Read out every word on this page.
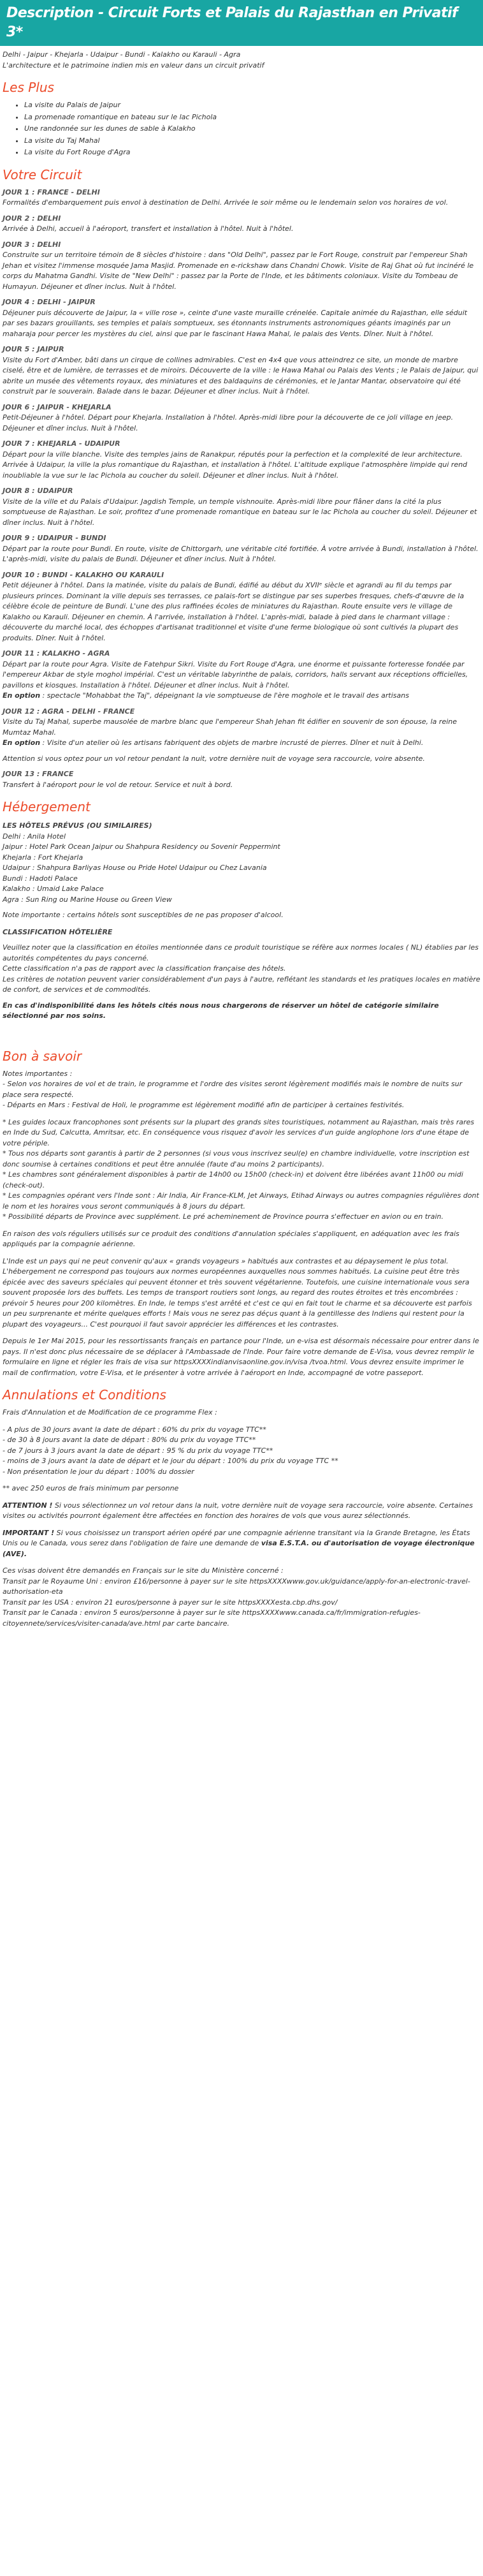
Description - Circuit Forts et Palais du Rajasthan en Privatif 3*
Delhi - Jaipur - Khejarla - Udaipur - Bundi - Kalakho ou Karauli - Agra
L'architecture et le patrimoine indien mis en valeur dans un circuit privatif
Les Plus
• La visite du Palais de Jaipur
• La promenade romantique en bateau sur le lac Pichola
• Une randonnée sur les dunes de sable à Kalakho
• La visite du Taj Mahal
• La visite du Fort Rouge d'Agra
Votre Circuit
JOUR 1 : FRANCE - DELHI
Formalités d'embarquement puis envol à destination de Delhi. Arrivée le soir même ou le lendemain selon vos horaires de vol.
JOUR 2 : DELHI
Arrivée à Delhi, accueil à l'aéroport, transfert et installation à l'hôtel. Nuit à l'hôtel.
JOUR 3 : DELHI
Construite sur un territoire témoin de 8 siècles d'histoire : dans "Old Delhi", passez par le Fort Rouge, construit par l'empereur Shah Jehan et visitez l'immense mosquée Jama Masjid. Promenade en e-rickshaw dans Chandni Chowk. Visite de Raj Ghat où fut incinéré le corps du Mahatma Gandhi. Visite de "New Delhi" : passez par la Porte de l'Inde, et les bâtiments coloniaux. Visite du Tombeau de Humayun. Déjeuner et dîner inclus. Nuit à l'hôtel.
JOUR 4 : DELHI - JAIPUR
Déjeuner puis découverte de Jaipur, la « ville rose », ceinte d'une vaste muraille crénelée. Capitale animée du Rajasthan, elle séduit par ses bazars grouillants, ses temples et palais somptueux, ses étonnants instruments astronomiques géants imaginés par un maharaja pour percer les mystères du ciel, ainsi que par le fascinant Hawa Mahal, le palais des Vents. Dîner. Nuit à l'hôtel.
JOUR 5 : JAIPUR
Visite du Fort d'Amber, bâti dans un cirque de collines admirables. C'est en 4x4 que vous atteindrez ce site, un monde de marbre ciselé, être et de lumière, de terrasses et de miroirs. Découverte de la ville : le Hawa Mahal ou Palais des Vents ; le Palais de Jaipur, qui abrite un musée des vêtements royaux, des miniatures et des baldaquins de cérémonies, et le Jantar Mantar, observatoire qui été construit par le souverain. Balade dans le bazar. Déjeuner et dîner inclus. Nuit à l'hôtel.
JOUR 6 : JAIPUR - KHEJARLA
Petit-Déjeuner à l'hôtel. Départ pour Khejarla. Installation à l'hôtel. Après-midi libre pour la découverte de ce joli village en jeep. Déjeuner et dîner inclus. Nuit à l'hôtel.
JOUR 7 : KHEJARLA - UDAIPUR
Départ pour la ville blanche. Visite des temples jains de Ranakpur, réputés pour la perfection et la complexité de leur architecture. Arrivée à Udaipur, la ville la plus romantique du Rajasthan, et installation à l'hôtel. L'altitude explique l'atmosphère limpide qui rend inoubliable la vue sur le lac Pichola au coucher du soleil. Déjeuner et dîner inclus. Nuit à l'hôtel.
JOUR 8 : UDAIPUR
Visite de la ville et du Palais d'Udaipur. Jagdish Temple, un temple vishnouite. Après-midi libre pour flâner dans la cité la plus somptueuse de Rajasthan. Le soir, profitez d'une promenade romantique en bateau sur le lac Pichola au coucher du soleil. Déjeuner et dîner inclus. Nuit à l'hôtel.
JOUR 9 : UDAIPUR - BUNDI
Départ par la route pour Bundi. En route, visite de Chittorgarh, une véritable cité fortifiée. À votre arrivée à Bundi, installation à l'hôtel. L'après-midi, visite du palais de Bundi. Déjeuner et dîner inclus. Nuit à l'hôtel.
JOUR 10 : BUNDI - KALAKHO OU KARAULI
Petit déjeuner à l'hôtel. Dans la matinée, visite du palais de Bundi, édifié au début du XVIIᵉ siècle et agrandi au fil du temps par plusieurs princes. Dominant la ville depuis ses terrasses, ce palais-fort se distingue par ses superbes fresques, chefs-d'œuvre de la célèbre école de peinture de Bundi. L'une des plus raffinées écoles de miniatures du Rajasthan. Route ensuite vers le village de Kalakho ou Karauli. Déjeuner en chemin. À l'arrivée, installation à l'hôtel. L'après-midi, balade à pied dans le charmant village : découverte du marché local, des échoppes d'artisanat traditionnel et visite d'une ferme biologique où sont cultivés la plupart des produits. Dîner. Nuit à l'hôtel.
JOUR 11 : KALAKHO - AGRA
Départ par la route pour Agra. Visite de Fatehpur Sikri. Visite du Fort Rouge d'Agra, une énorme et puissante forteresse fondée par l'empereur Akbar de style moghol impérial. C'est un véritable labyrinthe de palais, corridors, halls servant aux réceptions officielles, pavillons et kiosques. Installation à l'hôtel. Déjeuner et dîner inclus. Nuit à l'hôtel.
En option : spectacle "Mohabbat the Taj", dépeignant la vie somptueuse de l'ère moghole et le travail des artisans
JOUR 12 : AGRA - DELHI - FRANCE
Visite du Taj Mahal, superbe mausolée de marbre blanc que l'empereur Shah Jehan fit édifier en souvenir de son épouse, la reine Mumtaz Mahal.
En option : Visite d'un atelier où les artisans fabriquent des objets de marbre incrusté de pierres. Dîner et nuit à Delhi.
Attention si vous optez pour un vol retour pendant la nuit, votre dernière nuit de voyage sera raccourcie, voire absente.
JOUR 13 : FRANCE
Transfert à l'aéroport pour le vol de retour. Service et nuit à bord.
Hébergement
LES HÔTELS PRÉVUS (OU SIMILAIRES)
Delhi : Anila Hotel
Jaipur : Hotel Park Ocean Jaipur ou Shahpura Residency ou Sovenir Peppermint
Khejarla : Fort Khejarla
Udaipur : Shahpura Barliyas House ou Pride Hotel Udaipur ou Chez Lavania
Bundi : Hadoti Palace
Kalakho : Umaid Lake Palace
Agra : Sun Ring ou Marine House ou Green View
Note importante : certains hôtels sont susceptibles de ne pas proposer d'alcool.
CLASSIFICATION HÔTELIÈRE
Veuillez noter que la classification en étoiles mentionnée dans ce produit touristique se réfère aux normes locales ( NL) établies par les autorités compétentes du pays concerné.
Cette classification n'a pas de rapport avec la classification française des hôtels.
Les critères de notation peuvent varier considérablement d'un pays à l'autre, reflétant les standards et les pratiques locales en matière de confort, de services et de commodités.
En cas d'indisponibilité dans les hôtels cités nous nous chargerons de réserver un hôtel de catégorie similaire sélectionné par nos soins.
Bon à savoir
Notes importantes :
- Selon vos horaires de vol et de train, le programme et l'ordre des visites seront légèrement modifiés mais le nombre de nuits sur place sera respecté.
- Départs en Mars : Festival de Holi, le programme est légèrement modifié afin de participer à certaines festivités.
* Les guides locaux francophones sont présents sur la plupart des grands sites touristiques, notamment au Rajasthan, mais très rares en Inde du Sud, Calcutta, Amritsar, etc. En conséquence vous risquez d'avoir les services d'un guide anglophone lors d'une étape de votre périple.
* Tous nos départs sont garantis à partir de 2 personnes (si vous vous inscrivez seul(e) en chambre individuelle, votre inscription est donc soumise à certaines conditions et peut être annulée (faute d'au moins 2 participants).
* Les chambres sont généralement disponibles à partir de 14h00 ou 15h00 (check-in) et doivent être libérées avant 11h00 ou midi (check-out).
* Les compagnies opérant vers l'Inde sont : Air India, Air France-KLM, Jet Airways, Etihad Airways ou autres compagnies régulières dont le nom et les horaires vous seront communiqués à 8 jours du départ.
* Possibilité départs de Province avec supplément. Le pré acheminement de Province pourra s'effectuer en avion ou en train.
En raison des vols réguliers utilisés sur ce produit des conditions d'annulation spéciales s'appliquent, en adéquation avec les frais appliqués par la compagnie aérienne.
L'Inde est un pays qui ne peut convenir qu'aux « grands voyageurs » habitués aux contrastes et au dépaysement le plus total. L'hébergement ne correspond pas toujours aux normes européennes auxquelles nous sommes habitués. La cuisine peut être très épicée avec des saveurs spéciales qui peuvent étonner et très souvent végétarienne. Toutefois, une cuisine internationale vous sera souvent proposée lors des buffets. Les temps de transport routiers sont longs, au regard des routes étroites et très encombrées : prévoir 5 heures pour 200 kilomètres. En Inde, le temps s'est arrêté et c'est ce qui en fait tout le charme et sa découverte est parfois un peu surprenante et mérite quelques efforts ! Mais vous ne serez pas déçus quant à la gentillesse des Indiens qui restent pour la plupart des voyageurs... C'est pourquoi il faut savoir apprécier les différences et les contrastes.
Depuis le 1er Mai 2015, pour les ressortissants français en partance pour l'Inde, un e-visa est désormais nécessaire pour entrer dans le pays. Il n'est donc plus nécessaire de se déplacer à l'Ambassade de l'Inde. Pour faire votre demande de E-Visa, vous devrez remplir le formulaire en ligne et régler les frais de visa sur httpsXXXXindianvisaonline.gov.in/visa /tvoa.html. Vous devrez ensuite imprimer le mail de confirmation, votre E-Visa, et le présenter à votre arrivée à l'aéroport en Inde, accompagné de votre passeport.
Annulations et Conditions
Frais d'Annulation et de Modification de ce programme Flex :
- A plus de 30 jours avant la date de départ : 60% du prix du voyage TTC**
- de 30 à 8 jours avant la date de départ : 80% du prix du voyage TTC**
- de 7 jours à 3 jours avant la date de départ : 95 % du prix du voyage TTC**
- moins de 3 jours avant la date de départ et le jour du départ : 100% du prix du voyage TTC **
- Non présentation le jour du départ : 100% du dossier
** avec 250 euros de frais minimum par personne
ATTENTION ! Si vous sélectionnez un vol retour dans la nuit, votre dernière nuit de voyage sera raccourcie, voire absente. Certaines visites ou activités pourront également être affectées en fonction des horaires de vols que vous aurez sélectionnés.
IMPORTANT ! Si vous choisissez un transport aérien opéré par une compagnie aérienne transitant via la Grande Bretagne, les États Unis ou le Canada, vous serez dans l'obligation de faire une demande de visa E.S.T.A. ou d'autorisation de voyage électronique (AVE).
Ces visas doivent être demandés en Français sur le site du Ministère concerné :
Transit par le Royaume Uni : environ £16/personne à payer sur le site httpsXXXXwww.gov.uk/guidance/apply-for-an-electronic-travel-authorisation-eta
Transit par les USA : environ 21 euros/personne à payer sur le site httpsXXXXesta.cbp.dhs.gov/
Transit par le Canada : environ 5 euros/personne à payer sur le site httpsXXXXwww.canada.ca/fr/immigration-refugies-citoyennete/services/visiter-canada/ave.html par carte bancaire.
